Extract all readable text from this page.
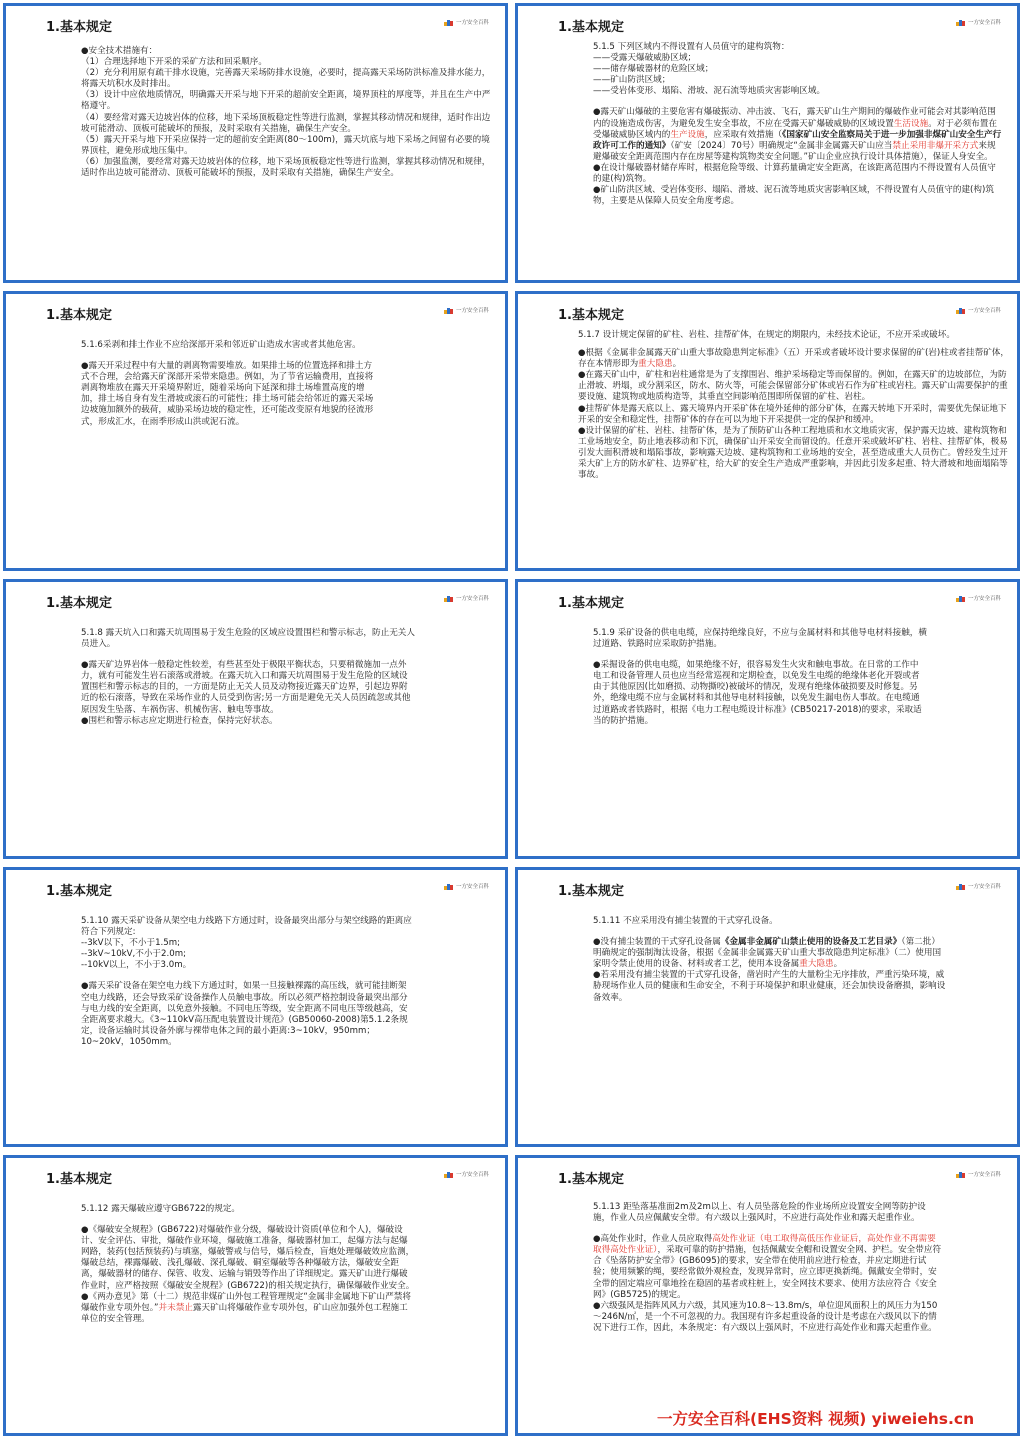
1.基本规定	一方安全百科

●安全技术措施有：

（1）合理选择地下开采的采矿方法和回采顺序。

（2）充分利用原有疏干排水设施，完善露天采场防排水设施，必要时，提高露天采场防洪标准及排水能力，将露天坑积水及时排出。

（3）设计中应依地质情况，明确露天开采与地下开采的超前安全距离，境界顶柱的厚度等，并且在生产中严格遵守。

（4）要经常对露天边坡岩体的位移，地下采场顶板稳定性等进行监测，掌握其移动情况和规律，适时作出边坡可能滑动、顶板可能破坏的预报，及时采取有关措施，确保生产安全。

（5）露天开采与地下开采应保持一定的超前安全距离(80～100m)，露天坑底与地下采场之间留有必要的境界顶柱，避免形成地压集中。

（6）加强监测，要经常对露天边坡岩体的位移，地下采场顶板稳定性等进行监测，掌握其移动情况和规律，适时作出边坡可能滑动、顶板可能破坏的预报，及时采取有关措施，确保生产安全。

1.基本规定	一方安全百科

5.1.5 下列区域内不得设置有人员值守的建构筑物：

——受露天爆破威胁区域；

——储存爆破器材的危险区域；

——矿山防洪区域；

——受岩体变形、塌陷、滑坡、泥石流等地质灾害影响区域。

●露天矿山爆破的主要危害有爆破振动、冲击波、飞石，露天矿山生产期间的爆破作业可能会对其影响范围内的设施造成伤害，为避免发生安全事故，不应在受露天矿爆破威胁的区域设置生活设施。对于必须布置在受爆破威胁区域内的生产设施，应采取有效措施（《国家矿山安全监察局关于进一步加强非煤矿山安全生产行政许可工作的通知》（矿安〔2024〕70号）明确规定“金属非金属露天矿山应当禁止采用非爆开采方式来规避爆破安全距离范围内存在房屋等建构筑物类安全问题。”矿山企业应执行设计具体措施），保证人身安全。

●在设计爆破器材储存库时，根据危险等级、计算药量确定安全距离，在该距离范围内不得设置有人员值守的建(构)筑物。

●矿山防洪区域、受岩体变形、塌陷、滑坡、泥石流等地质灾害影响区域，不得设置有人员值守的建(构)筑物，主要是从保障人员安全角度考虑。

1.基本规定	一方安全百科

5.1.6采剥和排土作业不应给深部开采和邻近矿山造成水害或者其他危害。

●露天开采过程中有大量的剥离物需要堆放。如果排土场的位置选择和排土方式不合理，会给露天矿深部开采带来隐患。例如，为了节省运输费用，直接将剥离物堆放在露天开采境界附近，随着采场向下延深和排土场堆置高度的增加，排土场自身有发生滑坡或滚石的可能性；排土场可能会给邻近的露天采场边坡施加额外的载荷，威胁采场边坡的稳定性，还可能改变原有地貌的径流形式，形成汇水，在雨季形成山洪或泥石流。

1.基本规定	一方安全百科

5.1.7 设计规定保留的矿柱、岩柱、挂帮矿体，在规定的期限内，未经技术论证，不应开采或破坏。

●根据《金属非金属露天矿山重大事故隐患判定标准》（五）开采或者破坏设计要求保留的矿(岩)柱或者挂帮矿体，存在本情形即为重大隐患。

●在露天矿山中，矿柱和岩柱通常是为了支撑围岩、维护采场稳定等而保留的。例如，在露天矿的边坡部位，为防止滑坡、坍塌，或分割采区，防水、防火等，可能会保留部分矿体或岩石作为矿柱或岩柱。露天矿山需要保护的重要设施、建筑物或地质构造等，其垂直空间影响范围即所保留的矿柱、岩柱。

●挂帮矿体是露天底以上、露天境界内开采矿体在境外延伸的部分矿体，在露天转地下开采时，需要优先保证地下开采的安全和稳定性，挂帮矿体的存在可以为地下开采提供一定的保护和缓冲。

●设计保留的矿柱、岩柱、挂帮矿体，是为了预防矿山各种工程地质和水文地质灾害，保护露天边坡、建构筑物和工业场地安全，防止地表移动和下沉，确保矿山开采安全而留设的。任意开采或破坏矿柱、岩柱、挂帮矿体，极易引发大面积滑坡和塌陷事故，影响露天边坡、建构筑物和工业场地的安全，甚至造成重大人员伤亡。曾经发生过开采大矿上方的防水矿柱、边界矿柱，给大矿的安全生产造成严重影响，并因此引发多起重、特大滑坡和地面塌陷等事故。

1.基本规定	一方安全百科

5.1.8 露天坑入口和露天坑周围易于发生危险的区域应设置围栏和警示标志，防止无关人员进入。

●露天矿边界岩体一般稳定性较差，有些甚至处于极限平衡状态，只要稍微施加一点外力，就有可能发生岩石滚落或滑坡。在露天坑入口和露天坑周围易于发生危险的区域设置围栏和警示标志的目的，一方面是防止无关人员及动物接近露天矿边界，引起边界附近的松石滚落，导致在采场作业的人员受到伤害;另一方面是避免无关人员因疏忽或其他原因发生坠落、车祸伤害、机械伤害、触电等事故。

●围栏和警示标志应定期进行检查，保持完好状态。

1.基本规定	一方安全百科

5.1.9 采矿设备的供电电缆，应保持绝缘良好，不应与金属材料和其他导电材料接触，横过道路、铁路时应采取防护措施。

●采掘设备的供电电缆，如果绝缘不好，很容易发生火灾和触电事故。在日常的工作中电工和设备管理人员也应当经常巡视和定期检查，以免发生电缆的绝缘体老化开裂或者由于其他原因(比如磨损、动物撕咬)被破坏的情况，发现有绝缘体破损要及时修复。另外，绝缘电缆不应与金属材料和其他导电材料接触，以免发生漏电伤人事故。在电缆通过道路或者铁路时，根据《电力工程电缆设计标准》(CB50217-2018)的要求，采取适当的防护措施。

1.基本规定	一方安全百科

5.1.10 露天采矿设备从架空电力线路下方通过时，设备最突出部分与架空线路的距离应符合下列规定:

--3kV以下，不小于1.5m;

--3kV~10kV,不小于2.0m;

--10kV以上，不小于3.0m。

●露天采矿设备在架空电力线下方通过时，如果一旦接触裸露的高压线，就可能挂断架空电力线路，还会导致采矿设备操作人员触电事故。所以必须严格控制设备最突出部分与电力线的安全距离，以免意外接触。不同电压等级，安全距离不同电压等级越高，安全距离要求越大。《3~110kV高压配电装置设计规范》(GB50060-2008)第5.1.2条规定，设备运输时其设备外廓与裸带电体之间的最小距离:3~10kV，950mm；10~20kV，1050mm。

1.基本规定	一方安全百科

5.1.11 不应采用没有捕尘装置的干式穿孔设备。

●没有捕尘装置的干式穿孔设备属《金属非金属矿山禁止使用的设备及工艺目录》（第二批）明确规定的强制淘汰设备，根据《金属非金属露天矿山重大事故隐患判定标准》（二）使用国家明令禁止使用的设备、材料或者工艺，使用本设备属重大隐患。

●若采用没有捕尘装置的干式穿孔设备，凿岩时产生的大量粉尘无序排放，严重污染环境，威胁现场作业人员的健康和生命安全，不利于环境保护和职业健康，还会加快设备磨损，影响设备效率。

1.基本规定	一方安全百科

5.1.12 露天爆破应遵守GB6722的规定。

●《爆破安全规程》(GB6722)对爆破作业分级，爆破设计资质(单位和个人)，爆破设计、安全评估、审批，爆破作业环境，爆破施工准备，爆破器材加工，起爆方法与起爆网路，装药(包括预装药)与填塞，爆破警戒与信号，爆后检查，盲炮处理爆破效应监测，爆破总结，裸露爆破、浅孔爆破、深孔爆破、硐室爆破等各种爆破方法，爆破安全距离，爆破器材的储存、保管、收发、运输与销毁等作出了详细规定。露天矿山进行爆破作业时，应严格按照《爆破安全规程》(GB6722)的相关规定执行，确保爆破作业安全。

●《两办意见》第（十二）规范非煤矿山外包工程管理规定“金属非金属地下矿山严禁将爆破作业专项外包。”并未禁止露天矿山将爆破作业专项外包，矿山应加强外包工程施工单位的安全管理。

1.基本规定	一方安全百科

5.1.13 距坠落基准面2m及2m以上、有人员坠落危险的作业场所应设置安全网等防护设施，作业人员应佩戴安全带。有六级以上强风时，不应进行高处作业和露天起重作业。

●高处作业时，作业人员应取得高处作业证（电工取得高低压作业证后，高处作业不再需要取得高处作业证），采取可靠的防护措施，包括佩戴安全帽和设置安全网、护栏。安全带应符合《坠落防护安全带》(GB6095)的要求，安全带在使用前应进行检查，并应定期进行试验；使用频繁的绳，要经常做外观检查，发现异常时，应立即更换新绳。佩戴安全带时，安全带的固定端应可靠地拴在稳固的基者或柱桩上，安全网技术要求、使用方法应符合《安全网》(GB5725)的规定。

●六级强风是指阵风风力六级，其风速为10.8～13.8m/s，单位迎风面积上的风压力为150～246N/㎡，是一个不可忽视的力。我国现有许多起重设备的设计是考虑在六级风以下的情况下进行工作，因此，本条规定：有六级以上强风时，不应进行高处作业和露天起重作业。

一方安全百科(EHS资料 视频) yiweiehs.cn
